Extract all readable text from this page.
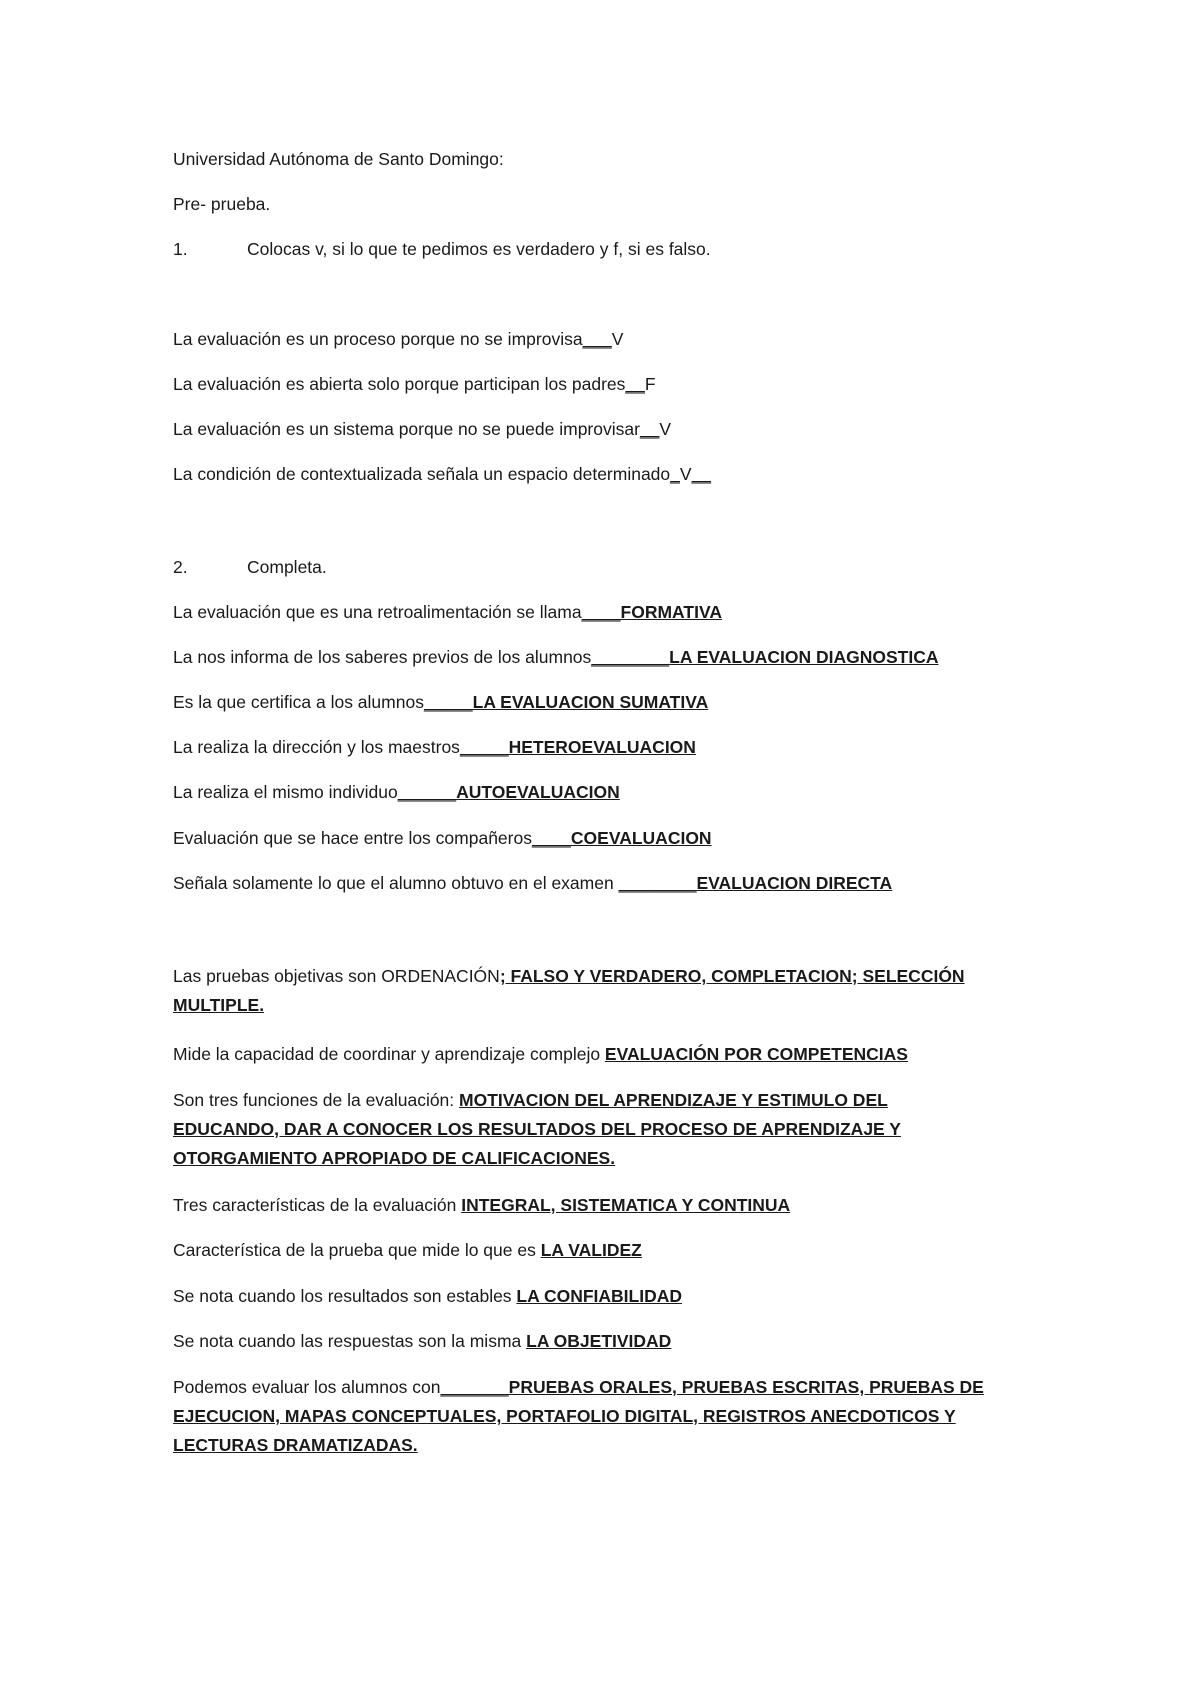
Universidad Autónoma de Santo Domingo:
Pre- prueba.
1.	Colocas v, si lo que te pedimos es verdadero y f, si es falso.
La evaluación es un proceso porque no se improvisa___V
La evaluación es abierta solo porque participan los padres__F
La evaluación es un sistema porque no se puede improvisar__V
La condición de contextualizada señala un espacio determinado_V__
2.	Completa.
La evaluación que es una retroalimentación se llama____FORMATIVA
La nos informa de los saberes previos de los alumnos________LA EVALUACION DIAGNOSTICA
Es la que certifica a los alumnos_____LA EVALUACION SUMATIVA
La realiza la dirección y los maestros_____HETEROEVALUACION
La realiza el mismo individuo______AUTOEVALUACION
Evaluación que se hace entre los compañeros____COEVALUACION
Señala solamente lo que el alumno obtuvo en el examen ________EVALUACION DIRECTA
Las pruebas objetivas son ORDENACIÓN; FALSO Y VERDADERO, COMPLETACION; SELECCIÓN
MULTIPLE.
Mide la capacidad de coordinar y aprendizaje complejo EVALUACIÓN POR COMPETENCIAS
Son tres funciones de la evaluación: MOTIVACION DEL APRENDIZAJE Y ESTIMULO DEL
EDUCANDO, DAR A CONOCER LOS RESULTADOS DEL PROCESO DE APRENDIZAJE Y
OTORGAMIENTO APROPIADO DE CALIFICACIONES.
Tres características de la evaluación INTEGRAL, SISTEMATICA Y CONTINUA
Característica de la prueba que mide lo que es LA VALIDEZ
Se nota cuando los resultados son estables LA CONFIABILIDAD
Se nota cuando las respuestas son la misma LA OBJETIVIDAD
Podemos evaluar los alumnos con_______PRUEBAS ORALES, PRUEBAS ESCRITAS, PRUEBAS DE
EJECUCION, MAPAS CONCEPTUALES, PORTAFOLIO DIGITAL, REGISTROS ANECDOTICOS Y
LECTURAS DRAMATIZADAS.
